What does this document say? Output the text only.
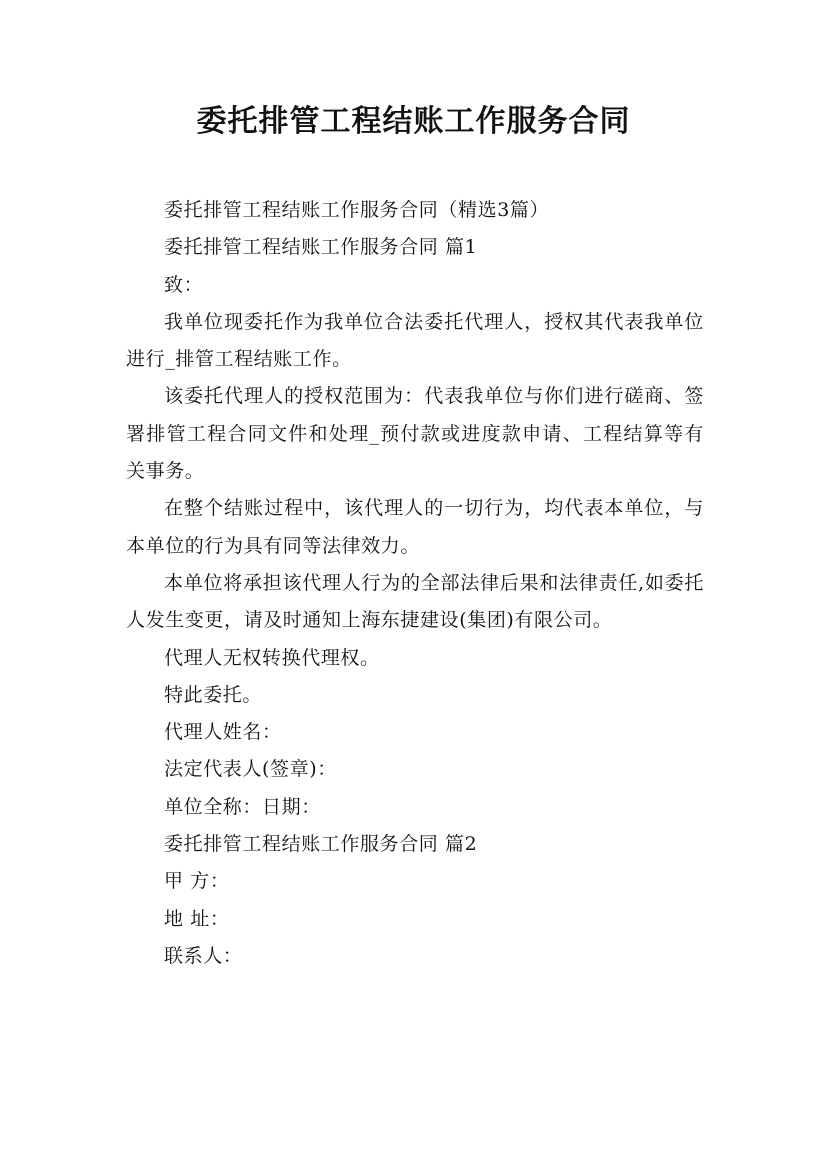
委托排管工程结账工作服务合同

委托排管工程结账工作服务合同（精选3篇）

委托排管工程结账工作服务合同 篇1

致：

我单位现委托作为我单位合法委托代理人，授权其代表我单位进行_排管工程结账工作。

该委托代理人的授权范围为：代表我单位与你们进行磋商、签署排管工程合同文件和处理_预付款或进度款申请、工程结算等有关事务。

在整个结账过程中，该代理人的一切行为，均代表本单位，与本单位的行为具有同等法律效力。

本单位将承担该代理人行为的全部法律后果和法律责任,如委托人发生变更，请及时通知上海东捷建设(集团)有限公司。

代理人无权转换代理权。

特此委托。

代理人姓名：

法定代表人(签章)：

单位全称：日期：

委托排管工程结账工作服务合同 篇2

甲 方：

地 址：

联系人：
